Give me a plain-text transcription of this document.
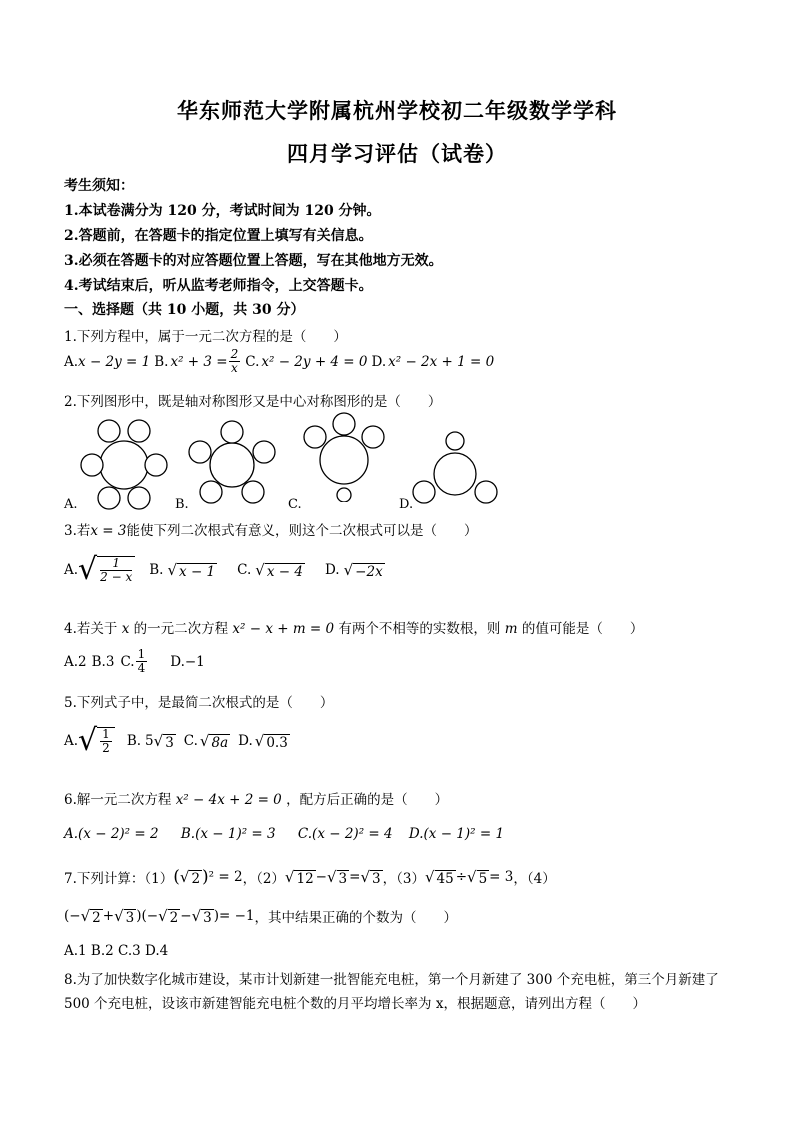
华东师范大学附属杭州学校初二年级数学学科
四月学习评估（试卷）
考生须知：
1.本试卷满分为 120 分，考试时间为 120 分钟。
2.答题前，在答题卡的指定位置上填写有关信息。
3.必须在答题卡的对应答题位置上答题，写在其他地方无效。
4.考试结束后，听从监考老师指令，上交答题卡。
一、选择题（共 10 小题，共 30 分）
1.下列方程中，属于一元二次方程的是（　　）
A. x − 2y = 1 B. $x^2 + 3 = \frac{2}{x} C$. x² − 2y + 4 = 0 D. x² − 2x + 1 = 0
2.下列图形中，既是轴对称图形又是中心对称图形的是（　　）
A.	B.	C.	D.
3.若x = 3能使下列二次根式有意义，则这个二次根式可以是（　　）
A. √ $\frac{1}{2 - x} B$. √ x − 1 C. √ x − 4 D. √ −2x
4.若关于 x 的一元二次方程 x² − x + m = 0 有两个不相等的实数根，则 m 的值可能是（　　）
A.2 B.3 C. $\frac{1}{4} D.-1$
5.下列式子中，是最简二次根式的是（　　）
A. √ $\frac{1}{2} B$. 5 √ 3 C. √ 8a D. √ 0.3
6.解一元二次方程 x² − 4x + 2 = 0 ，配方后正确的是（　　）
A.(x − 2)² = 2 B.(x − 1)² = 3 C.(x − 2)² = 4 D.(x − 1)² = 1
7.下列计算：（1） ( √ 2 ) ² = 2 ，（2） √ 12 − √ 3 = √ 3 ，（3） √ 45 ÷ √ 5 = 3 ，（4）
(− √ 2 + √ 3 ) (− √ 2 − √ 3 ) = −1 ，其中结果正确的个数为（　　）
A.1 B.2 C.3 D.4
8.为了加快数字化城市建设，某市计划新建一批智能充电桩，第一个月新建了 300 个充电桩，第三个月新建了
500 个充电桩，设该市新建智能充电桩个数的月平均增长率为 x，根据题意，请列出方程（　　）
